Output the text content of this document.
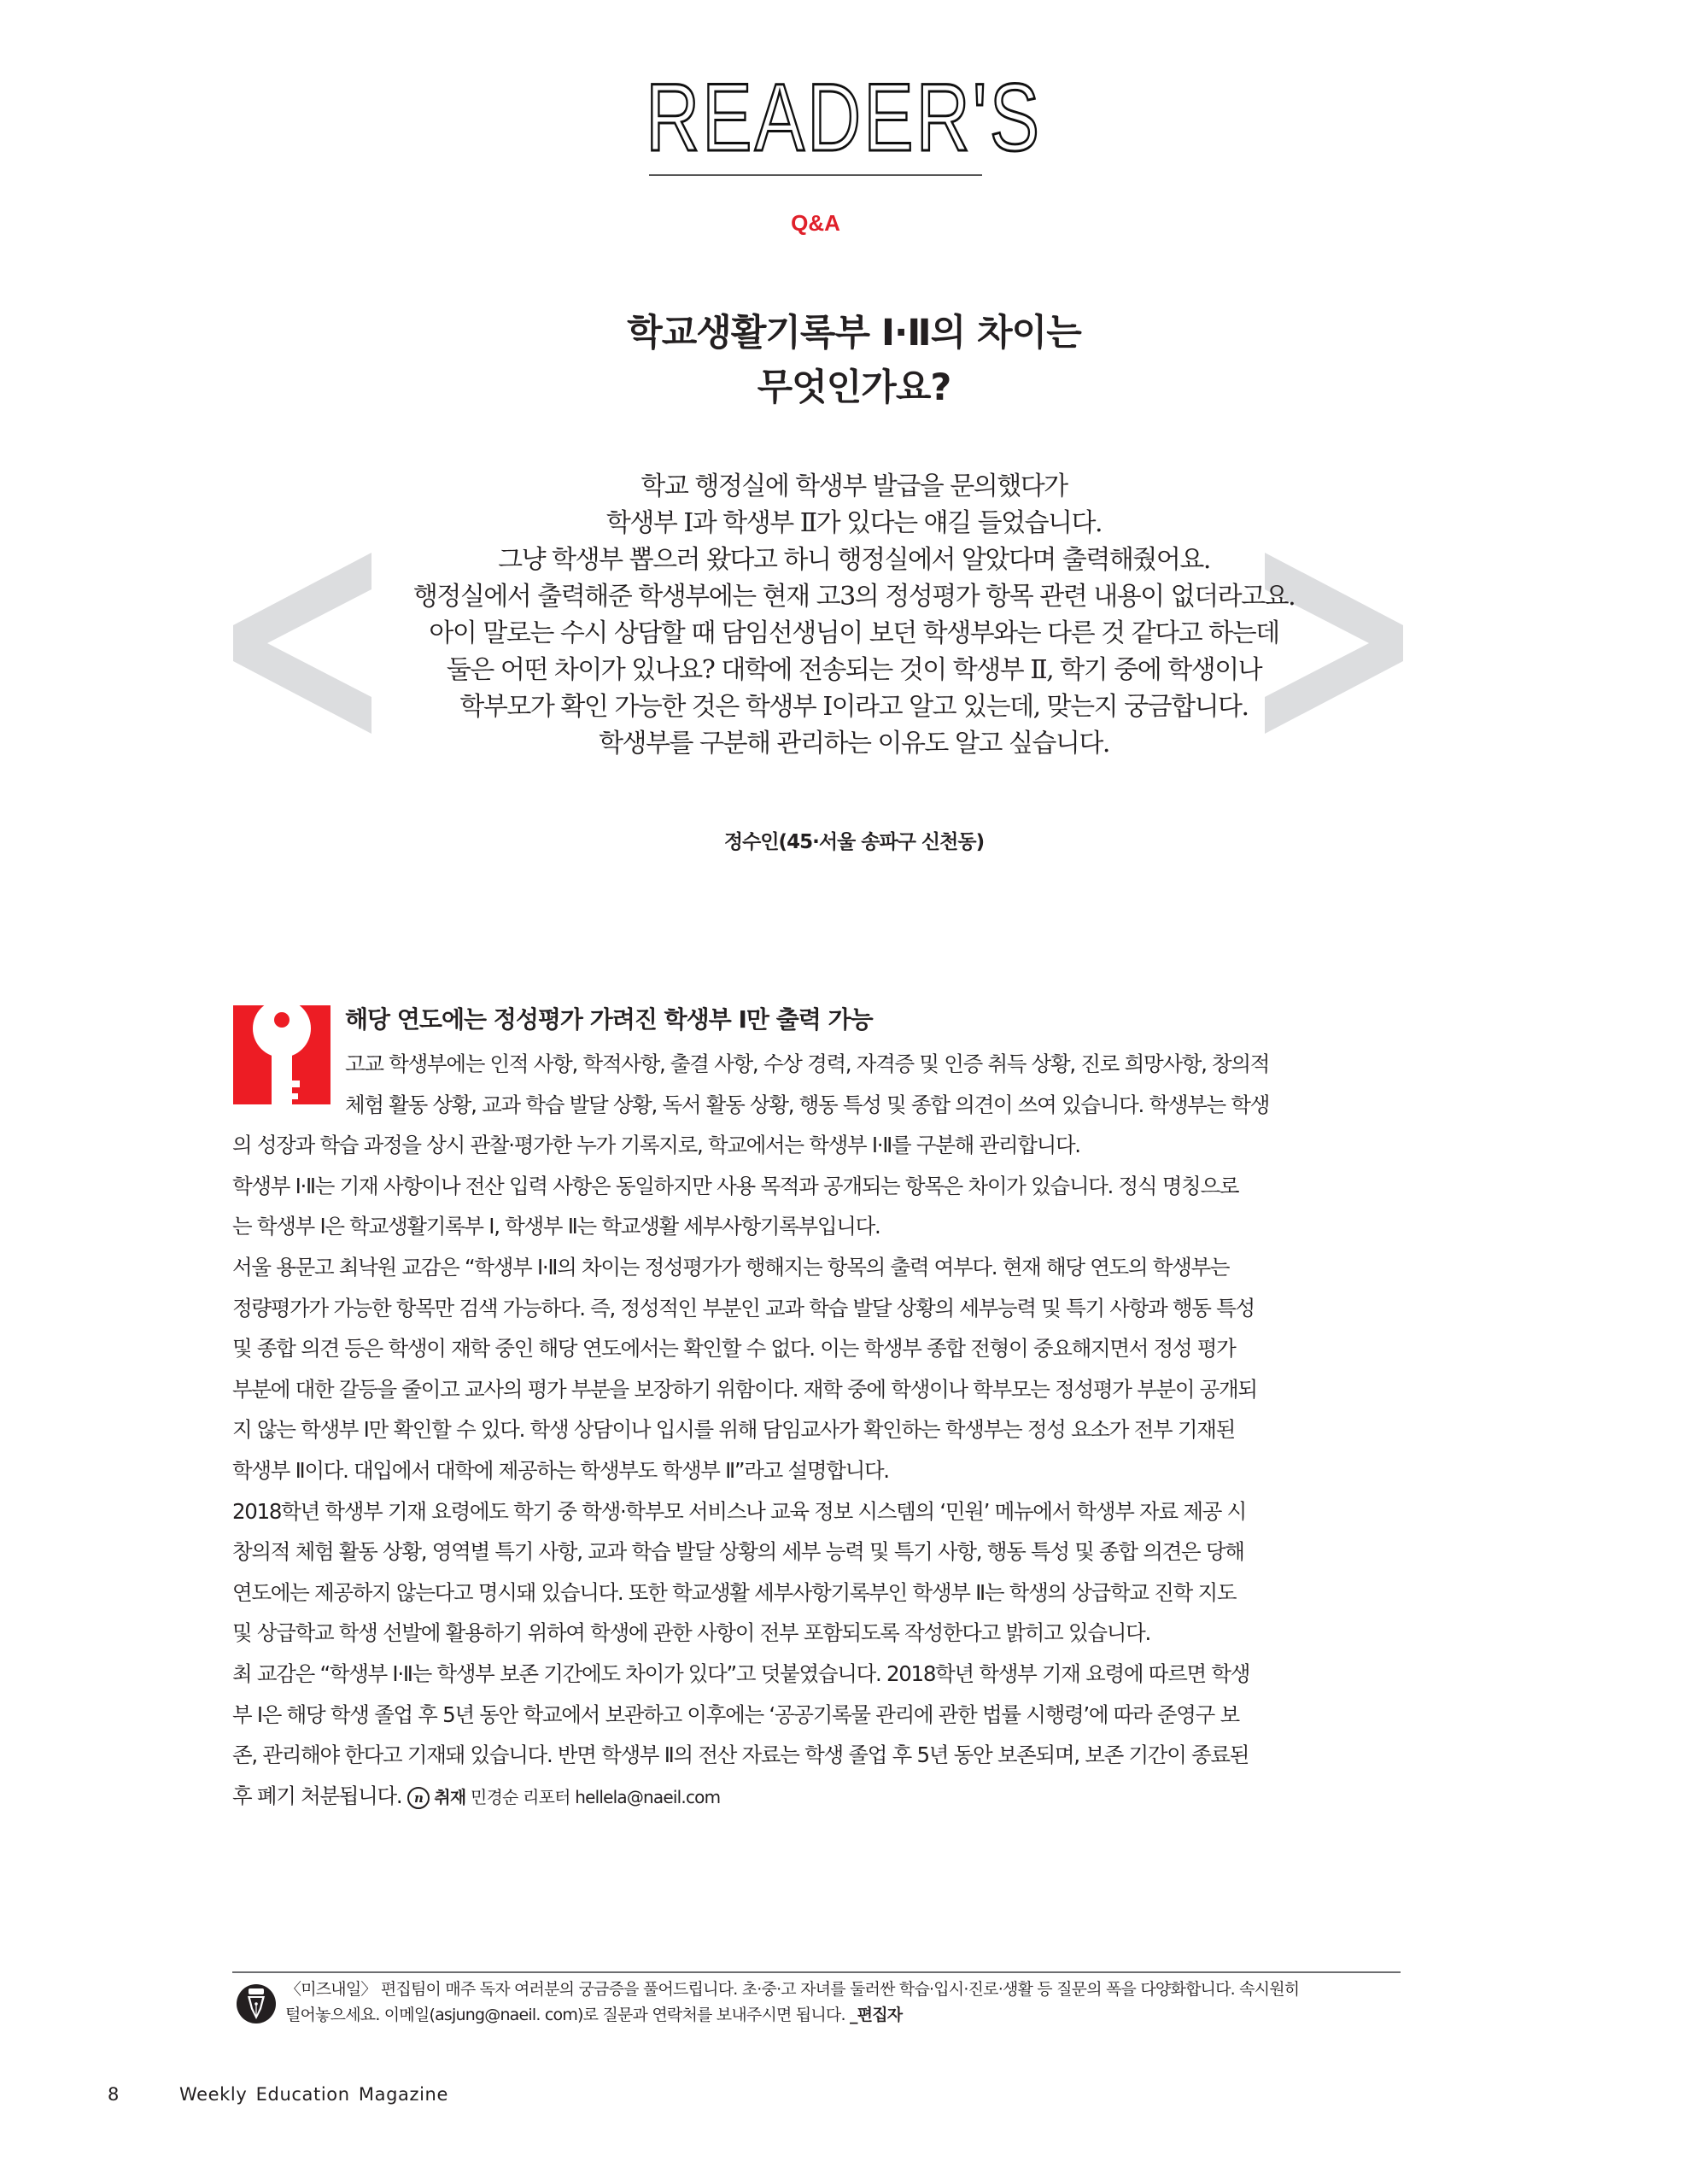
READER'S
Q&A
학교생활기록부 Ⅰ·Ⅱ의 차이는
무엇인가요?
학교 행정실에 학생부 발급을 문의했다가
학생부 Ⅰ과 학생부 Ⅱ가 있다는 얘길 들었습니다.
그냥 학생부 뽑으러 왔다고 하니 행정실에서 알았다며 출력해줬어요.
행정실에서 출력해준 학생부에는 현재 고3의 정성평가 항목 관련 내용이 없더라고요.
아이 말로는 수시 상담할 때 담임선생님이 보던 학생부와는 다른 것 같다고 하는데
둘은 어떤 차이가 있나요? 대학에 전송되는 것이 학생부 Ⅱ, 학기 중에 학생이나
학부모가 확인 가능한 것은 학생부 Ⅰ이라고 알고 있는데, 맞는지 궁금합니다.
학생부를 구분해 관리하는 이유도 알고 싶습니다.
정수인(45·서울 송파구 신천동)
해당 연도에는 정성평가 가려진 학생부 Ⅰ만 출력 가능
고교 학생부에는 인적 사항, 학적사항, 출결 사항, 수상 경력, 자격증 및 인증 취득 상황, 진로 희망사항, 창의적
체험 활동 상황, 교과 학습 발달 상황, 독서 활동 상황, 행동 특성 및 종합 의견이 쓰여 있습니다. 학생부는 학생
의 성장과 학습 과정을 상시 관찰·평가한 누가 기록지로, 학교에서는 학생부 Ⅰ·Ⅱ를 구분해 관리합니다.
학생부 Ⅰ·Ⅱ는 기재 사항이나 전산 입력 사항은 동일하지만 사용 목적과 공개되는 항목은 차이가 있습니다. 정식 명칭으로
는 학생부 Ⅰ은 학교생활기록부 Ⅰ, 학생부 Ⅱ는 학교생활 세부사항기록부입니다.
서울 용문고 최낙원 교감은 “학생부 Ⅰ·Ⅱ의 차이는 정성평가가 행해지는 항목의 출력 여부다. 현재 해당 연도의 학생부는
정량평가가 가능한 항목만 검색 가능하다. 즉, 정성적인 부분인 교과 학습 발달 상황의 세부능력 및 특기 사항과 행동 특성
및 종합 의견 등은 학생이 재학 중인 해당 연도에서는 확인할 수 없다. 이는 학생부 종합 전형이 중요해지면서 정성 평가
부분에 대한 갈등을 줄이고 교사의 평가 부분을 보장하기 위함이다. 재학 중에 학생이나 학부모는 정성평가 부분이 공개되
지 않는 학생부 Ⅰ만 확인할 수 있다. 학생 상담이나 입시를 위해 담임교사가 확인하는 학생부는 정성 요소가 전부 기재된
학생부 Ⅱ이다. 대입에서 대학에 제공하는 학생부도 학생부 Ⅱ”라고 설명합니다.
2018학년 학생부 기재 요령에도 학기 중 학생·학부모 서비스나 교육 정보 시스템의 ‘민원’ 메뉴에서 학생부 자료 제공 시
창의적 체험 활동 상황, 영역별 특기 사항, 교과 학습 발달 상황의 세부 능력 및 특기 사항, 행동 특성 및 종합 의견은 당해
연도에는 제공하지 않는다고 명시돼 있습니다. 또한 학교생활 세부사항기록부인 학생부 Ⅱ는 학생의 상급학교 진학 지도
및 상급학교 학생 선발에 활용하기 위하여 학생에 관한 사항이 전부 포함되도록 작성한다고 밝히고 있습니다.
최 교감은 “학생부 Ⅰ·Ⅱ는 학생부 보존 기간에도 차이가 있다”고 덧붙였습니다. 2018학년 학생부 기재 요령에 따르면 학생
부 Ⅰ은 해당 학생 졸업 후 5년 동안 학교에서 보관하고 이후에는 ‘공공기록물 관리에 관한 법률 시행령’에 따라 준영구 보
존, 관리해야 한다고 기재돼 있습니다. 반면 학생부 Ⅱ의 전산 자료는 학생 졸업 후 5년 동안 보존되며, 보존 기간이 종료된
후 폐기 처분됩니다. n 취재 민경순 리포터 hellela@naeil.com
〈미즈내일〉 편집팀이 매주 독자 여러분의 궁금증을 풀어드립니다. 초·중·고 자녀를 둘러싼 학습·입시·진로·생활 등 질문의 폭을 다양화합니다. 속시원히
털어놓으세요. 이메일(asjung@naeil. com)로 질문과 연락처를 보내주시면 됩니다. _편집자
8	Weekly Education Magazine
